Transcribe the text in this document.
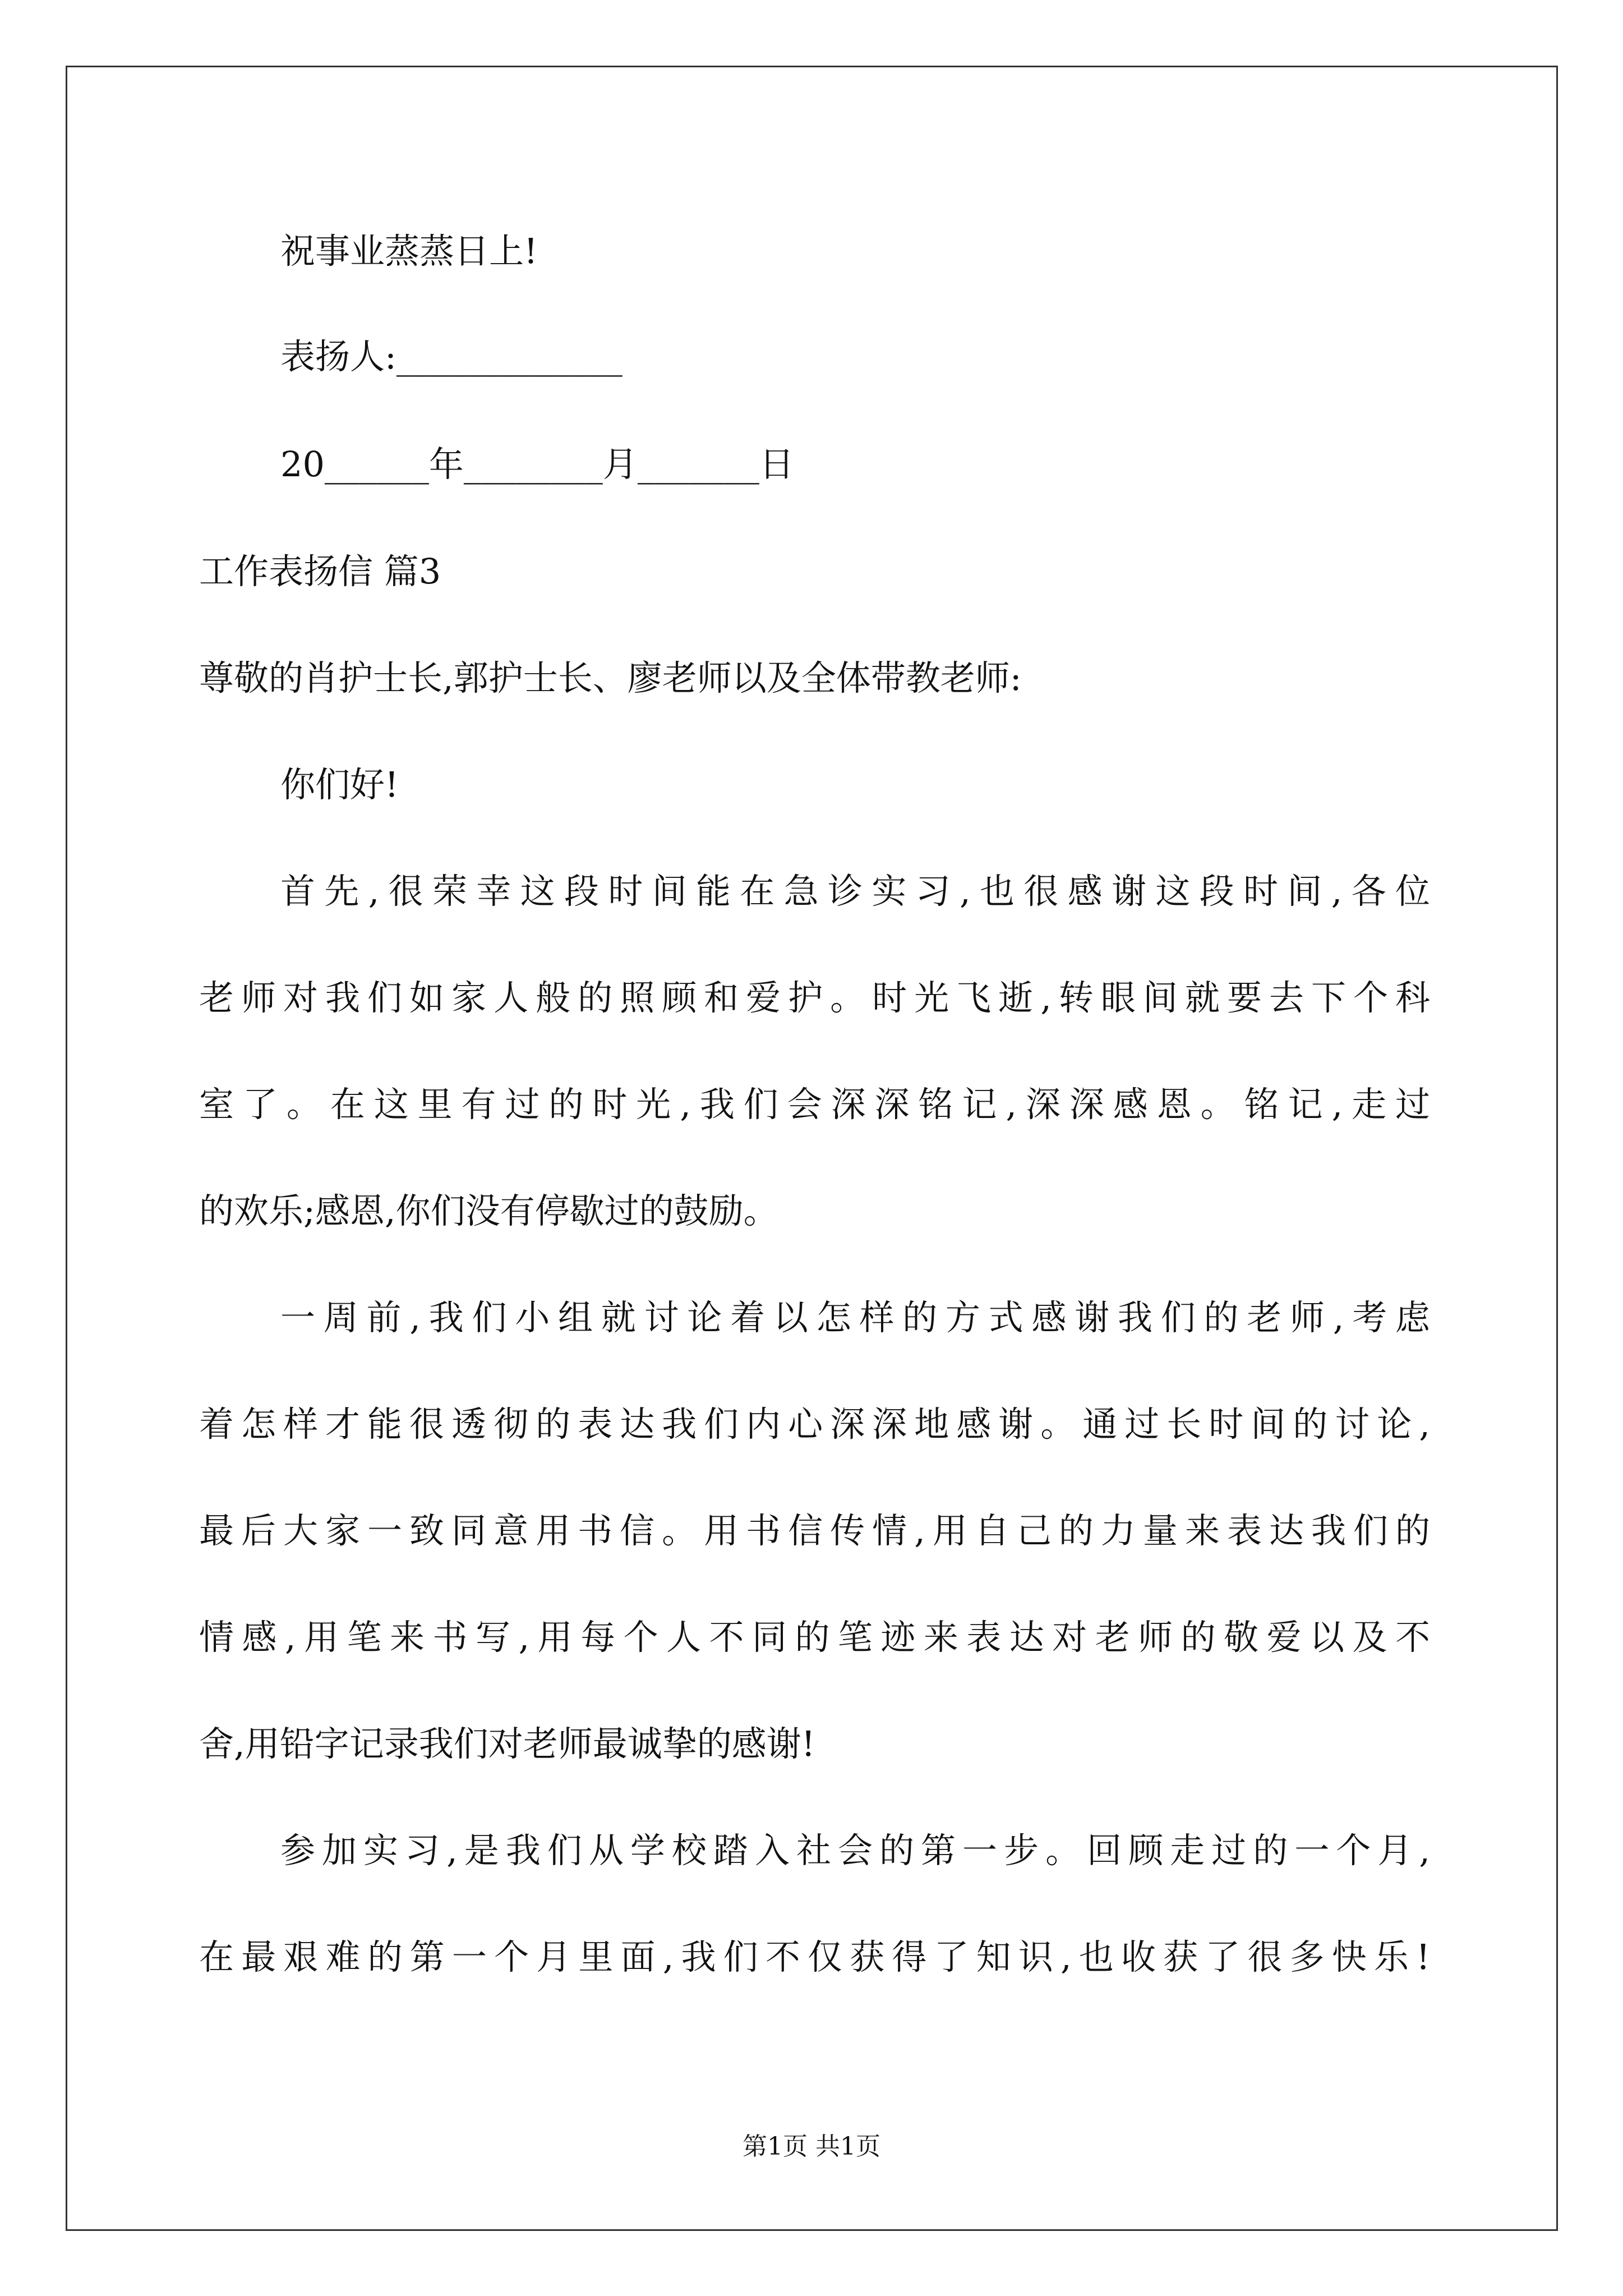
祝事业蒸蒸日上!
表扬人:_____________
20______年________月_______日
工作表扬信 篇3
尊敬的肖护士长,郭护士长、廖老师以及全体带教老师:
你们好!
首先,很荣幸这段时间能在急诊实习,也很感谢这段时间,各位
老师对我们如家人般的照顾和爱护。时光飞逝,转眼间就要去下个科
室了。在这里有过的时光,我们会深深铭记,深深感恩。铭记,走过
的欢乐;感恩,你们没有停歇过的鼓励。
一周前,我们小组就讨论着以怎样的方式感谢我们的老师,考虑
着怎样才能很透彻的表达我们内心深深地感谢。通过长时间的讨论,
最后大家一致同意用书信。用书信传情,用自己的力量来表达我们的
情感,用笔来书写,用每个人不同的笔迹来表达对老师的敬爱以及不
舍,用铅字记录我们对老师最诚挚的感谢!
参加实习,是我们从学校踏入社会的第一步。回顾走过的一个月,
在最艰难的第一个月里面,我们不仅获得了知识,也收获了很多快乐!
第1页 共1页
